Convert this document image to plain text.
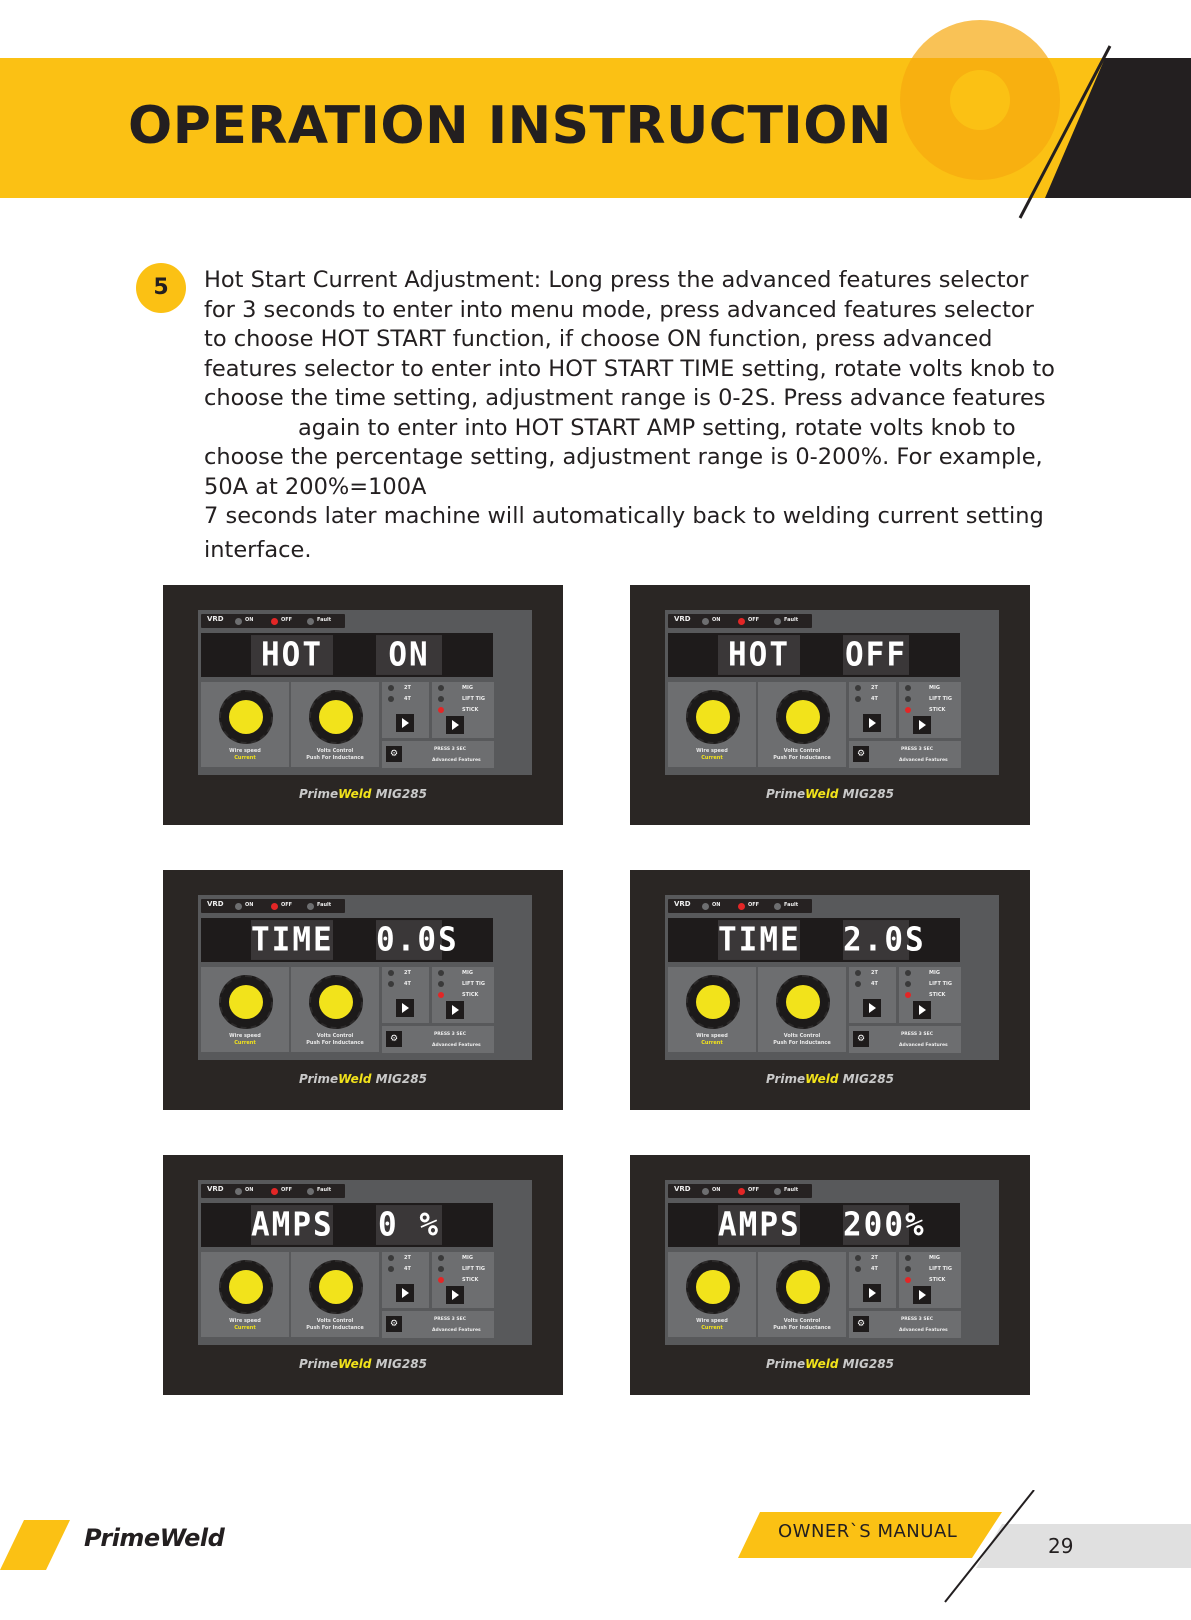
OPERATION INSTRUCTION
5	Hot Start Current Adjustment: Long press the advanced features selector
for 3 seconds to enter into menu mode, press advanced features selector
to choose HOT START function, if choose ON function, press advanced
features selector to enter into HOT START TIME setting, rotate volts knob to
choose the time setting, adjustment range is 0-2S. Press advance features
again to enter into HOT START AMP setting, rotate volts knob to
choose the percentage setting, adjustment range is 0-200%. For example,
50A at 200%=100A
7 seconds later machine will automatically back to welding current setting
interface.
VRD	ON	OFF	Fault
HOT	ON
Wire speed
Current
Volts Control
Push For Inductance
2T
4T
MIG
LIFT TIG
STICK
⚙	PRESS 3 SEC
Advanced Features
PrimeWeld MIG285
VRD	ON	OFF	Fault
HOT	OFF
Wire speed
Current
Volts Control
Push For Inductance
2T
4T
MIG
LIFT TIG
STICK
⚙	PRESS 3 SEC
Advanced Features
PrimeWeld MIG285
VRD	ON	OFF	Fault
TIME 0.0S
Wire speed
Current
Volts Control
Push For Inductance
2T
4T
MIG
LIFT TIG
STICK
⚙	PRESS 3 SEC
Advanced Features
PrimeWeld MIG285
VRD	ON	OFF	Fault
TIME 2.0S
Wire speed
Current
Volts Control
Push For Inductance
2T
4T
MIG
LIFT TIG
STICK
⚙	PRESS 3 SEC
Advanced Features
PrimeWeld MIG285
VRD	ON	OFF	Fault
AMPS 0 %
Wire speed
Current
Volts Control
Push For Inductance
2T
4T
MIG
LIFT TIG
STICK
⚙	PRESS 3 SEC
Advanced Features
PrimeWeld MIG285
VRD	ON	OFF	Fault
AMPS 200%
Wire speed
Current
Volts Control
Push For Inductance
2T
4T
MIG
LIFT TIG
STICK
⚙	PRESS 3 SEC
Advanced Features
PrimeWeld MIG285
PrimeWeld	OWNER`S MANUAL
29
